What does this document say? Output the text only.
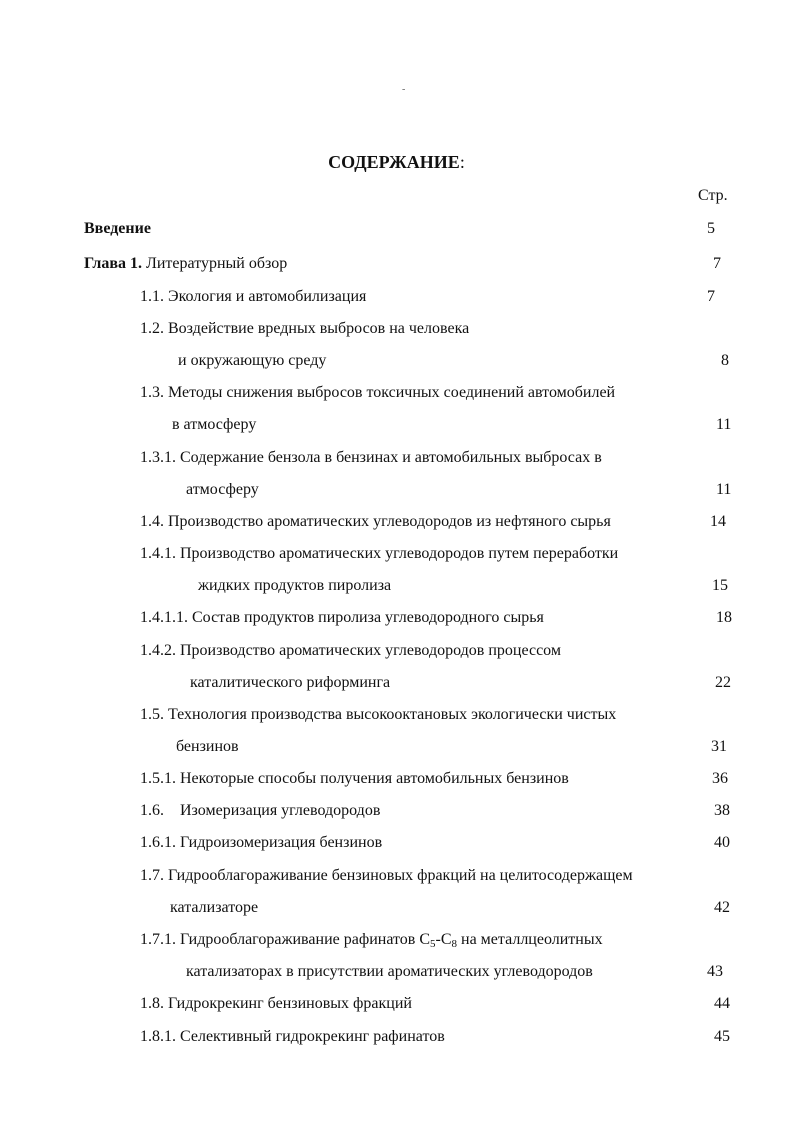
-
СОДЕРЖАНИЕ:
Стр.
Введение	5
Глава 1. Литературный обзор	7
1.1. Экология и автомобилизация	7
1.2. Воздействие вредных выбросов на человека
и окружающую среду	8
1.3. Методы снижения выбросов токсичных соединений автомобилей
в атмосферу	11
1.3.1. Содержание бензола в бензинах и автомобильных выбросах в
атмосферу	11
1.4. Производство ароматических углеводородов из нефтяного сырья	14
1.4.1. Производство ароматических углеводородов путем переработки
жидких продуктов пиролиза	15
1.4.1.1. Состав продуктов пиролиза углеводородного сырья	18
1.4.2. Производство ароматических углеводородов процессом
каталитического риформинга	22
1.5. Технология производства высокооктановых экологически чистых
бензинов	31
1.5.1. Некоторые способы получения автомобильных бензинов	36
1.6.    Изомеризация углеводородов	38
1.6.1. Гидроизомеризация бензинов	40
1.7. Гидрооблагораживание бензиновых фракций на целитосодержащем
катализаторе	42
1.7.1. Гидрооблагораживание рафинатов $С_5-С_8$ на металлцеолитных
катализаторах в присутствии ароматических углеводородов	43
1.8. Гидрокрекинг бензиновых фракций	44
1.8.1. Селективный гидрокрекинг рафинатов	45
